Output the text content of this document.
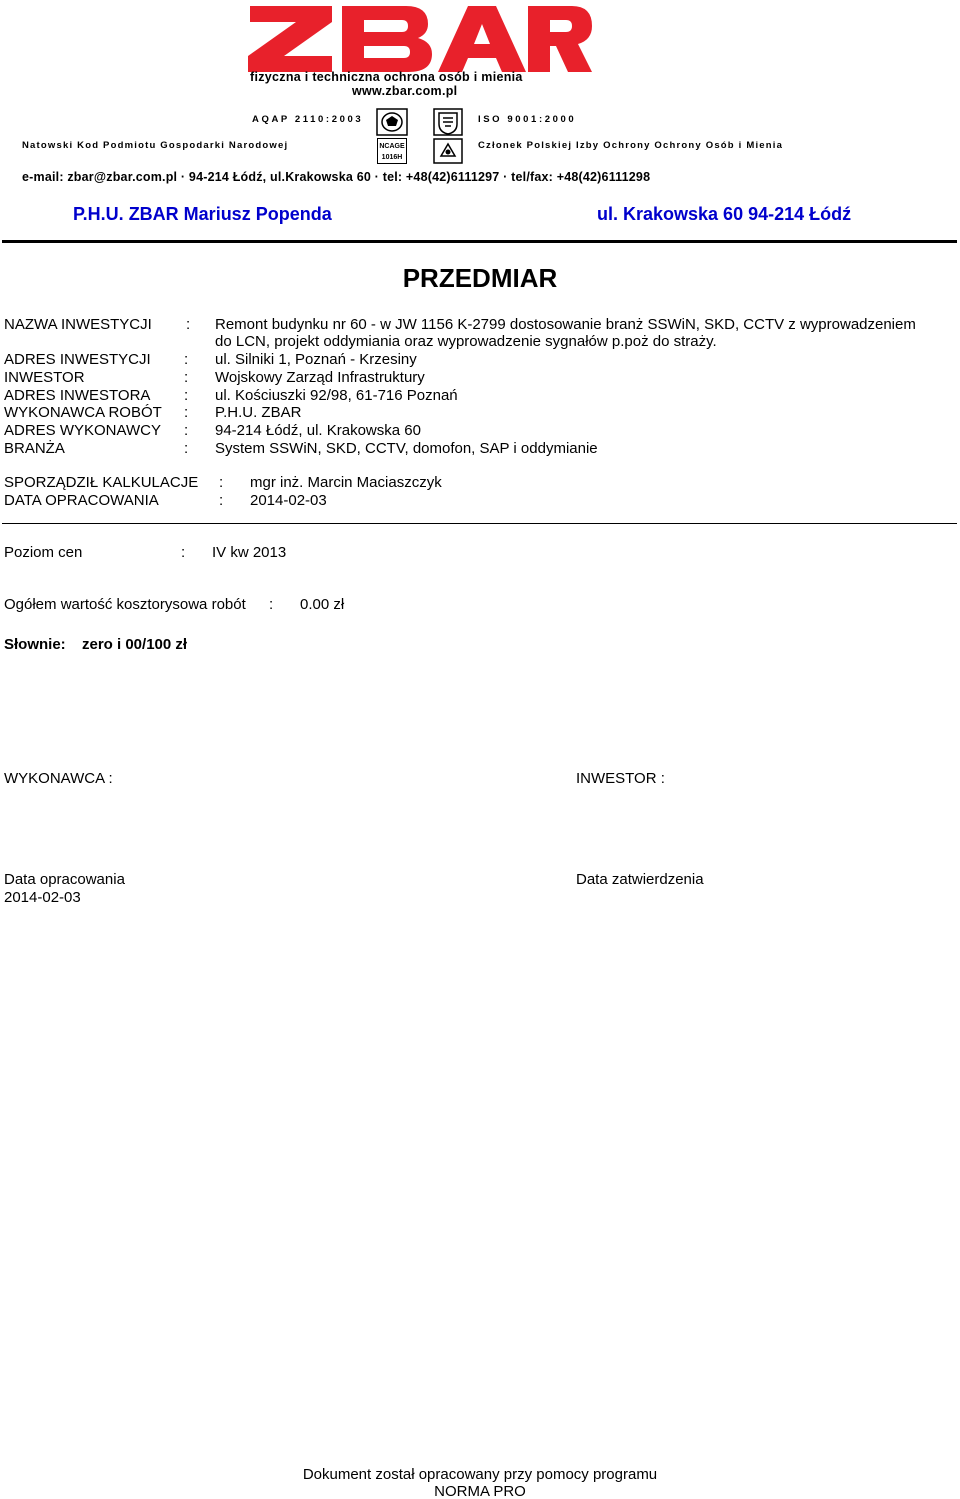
fizyczna i techniczna ochrona osób i mienia
www.zbar.com.pl
AQAP 2110:2003	ISO 9001:2000
NCAGE
1016H
Natowski Kod Podmiotu Gospodarki Narodowej	Członek Polskiej Izby Ochrony Ochrony Osób i Mienia
e-mail: zbar@zbar.com.pl · 94-214 Łódź, ul.Krakowska 60 · tel: +48(42)6111297 · tel/fax: +48(42)6111298
P.H.U. ZBAR Mariusz Popenda	ul. Krakowska 60 94-214 Łódź
PRZEDMIAR
NAZWA INWESTYCJI : Remont budynku nr 60 - w JW 1156 K-2799 dostosowanie branż SSWiN, SKD, CCTV z wyprowadzeniem
do LCN, projekt oddymiania oraz wyprowadzenie sygnałów p.poż do straży.
ADRES INWESTYCJI : ul. Silniki 1, Poznań - Krzesiny
INWESTOR	: Wojskowy Zarząd Infrastruktury
ADRES INWESTORA : ul. Kościuszki 92/98, 61-716 Poznań
WYKONAWCA ROBÓT : P.H.U. ZBAR
ADRES WYKONAWCY : 94-214 Łódź, ul. Krakowska 60
BRANŻA	: System SSWiN, SKD, CCTV, domofon, SAP i oddymianie
SPORZĄDZIŁ KALKULACJE : mgr inż. Marcin Maciaszczyk
DATA OPRACOWANIA	: 2014-02-03
Poziom cen	: IV kw 2013
Ogółem wartość kosztorysowa robót : 0.00 zł
Słownie: zero i 00/100 zł
WYKONAWCA :	INWESTOR :
Data opracowania
2014-02-03
Data zatwierdzenia
Dokument został opracowany przy pomocy programu
NORMA PRO
